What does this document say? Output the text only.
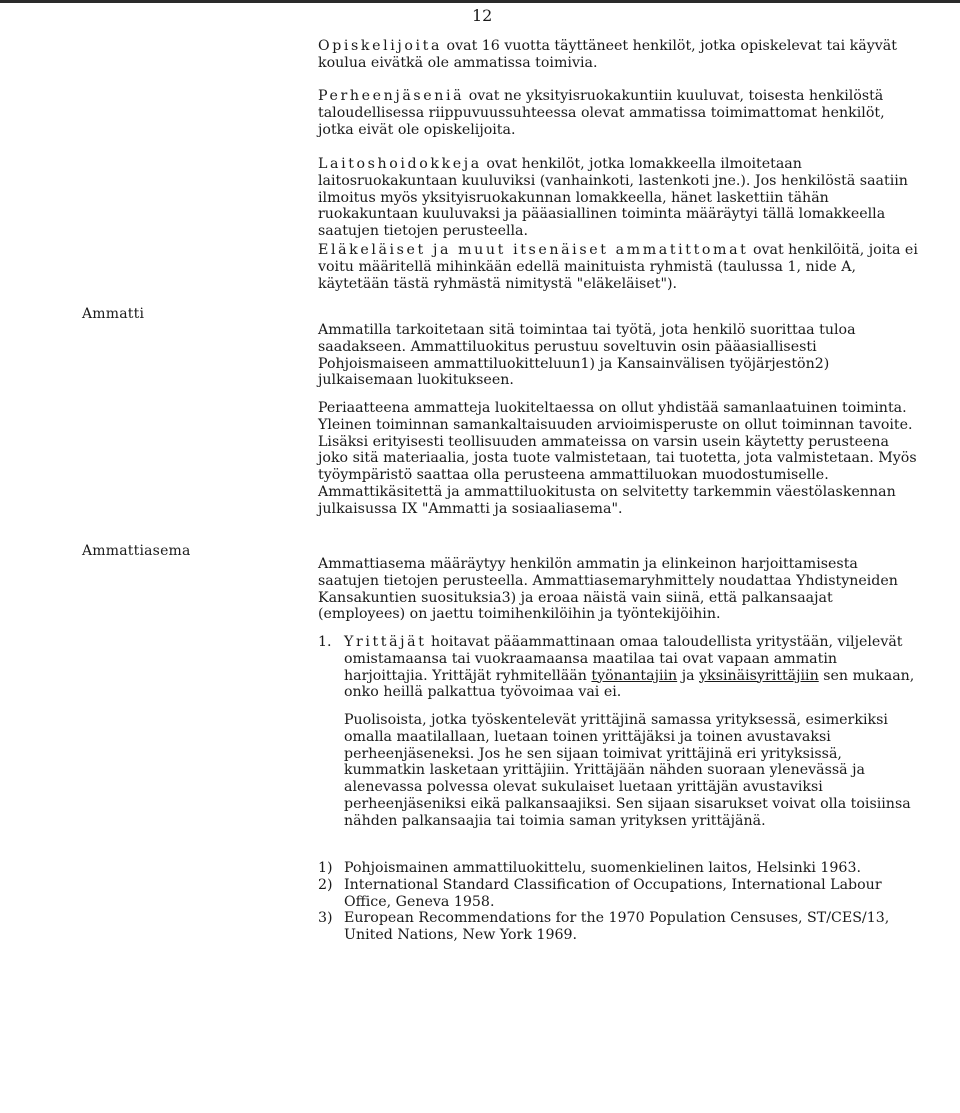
12
Ammatti
Ammattiasema

Opiskelijoita ovat 16 vuotta täyttäneet henkilöt, jotka opiskelevat tai käyvät koulua eivätkä ole ammatissa toimivia.

Perheenjäseniä ovat ne yksityisruokakuntiin kuuluvat, toisesta henkilöstä taloudellisessa riippuvuussuhteessa olevat ammatissa toimimattomat henkilöt, jotka eivät ole opiskelijoita.

Laitoshoidokkeja ovat henkilöt, jotka lomakkeella ilmoitetaan laitosruokakuntaan kuuluviksi (vanhainkoti, lastenkoti jne.). Jos henkilöstä saatiin ilmoitus myös yksityisruokakunnan lomakkeella, hänet laskettiin tähän ruokakuntaan kuuluvaksi ja pääasiallinen toiminta määräytyi tällä lomakkeella saatujen tietojen perusteella.

Eläkeläiset ja muut itsenäiset ammatittomat ovat henkilöitä, joita ei voitu määritellä mihinkään edellä mainituista ryhmistä (taulussa 1, nide A, käytetään tästä ryhmästä nimitystä "eläkeläiset").

Ammatilla tarkoitetaan sitä toimintaa tai työtä, jota henkilö suorittaa tuloa saadakseen. Ammattiluokitus perustuu soveltuvin osin pääasiallisesti Pohjoismaiseen ammattiluokitteluun1) ja Kansainvälisen työjärjestön2) julkaisemaan luokitukseen.

Periaatteena ammatteja luokiteltaessa on ollut yhdistää samanlaatuinen toiminta. Yleinen toiminnan samankaltaisuuden arvioimisperuste on ollut toiminnan tavoite. Lisäksi erityisesti teollisuuden ammateissa on varsin usein käytetty perusteena joko sitä materiaalia, josta tuote valmistetaan, tai tuotetta, jota valmistetaan. Myös työympäristö saattaa olla perusteena ammattiluokan muodostumiselle. Ammattikäsitettä ja ammattiluokitusta on selvitetty tarkemmin väestölaskennan julkaisussa IX "Ammatti ja sosiaaliasema".

Ammattiasema määräytyy henkilön ammatin ja elinkeinon harjoittamisesta saatujen tietojen perusteella. Ammattiasemaryhmittely noudattaa Yhdistyneiden Kansakuntien suosituksia3) ja eroaa näistä vain siinä, että palkansaajat (employees) on jaettu toimihenkilöihin ja työntekijöihin.

1. Yrittäjät hoitavat pääammattinaan omaa taloudellista yritystään, viljelevät omistamaansa tai vuokraamaansa maatilaa tai ovat vapaan ammatin harjoittajia. Yrittäjät ryhmitellään työnantajiin ja yksinäisyrittäjiin sen mukaan, onko heillä palkattua työvoimaa vai ei.

Puolisoista, jotka työskentelevät yrittäjinä samassa yrityksessä, esimerkiksi omalla maatilallaan, luetaan toinen yrittäjäksi ja toinen avustavaksi perheenjäseneksi. Jos he sen sijaan toimivat yrittäjinä eri yrityksissä, kummatkin lasketaan yrittäjiin. Yrittäjään nähden suoraan ylenevässä ja alenevassa polvessa olevat sukulaiset luetaan yrittäjän avustaviksi perheenjäseniksi eikä palkansaajiksi. Sen sijaan sisarukset voivat olla toisiinsa nähden palkansaajia tai toimia saman yrityksen yrittäjänä.

1) Pohjoismainen ammattiluokittelu, suomenkielinen laitos, Helsinki 1963.

2) International Standard Classification of Occupations, International Labour Office, Geneva 1958.

3) European Recommendations for the 1970 Population Censuses, ST/CES/13, United Nations, New York 1969.
